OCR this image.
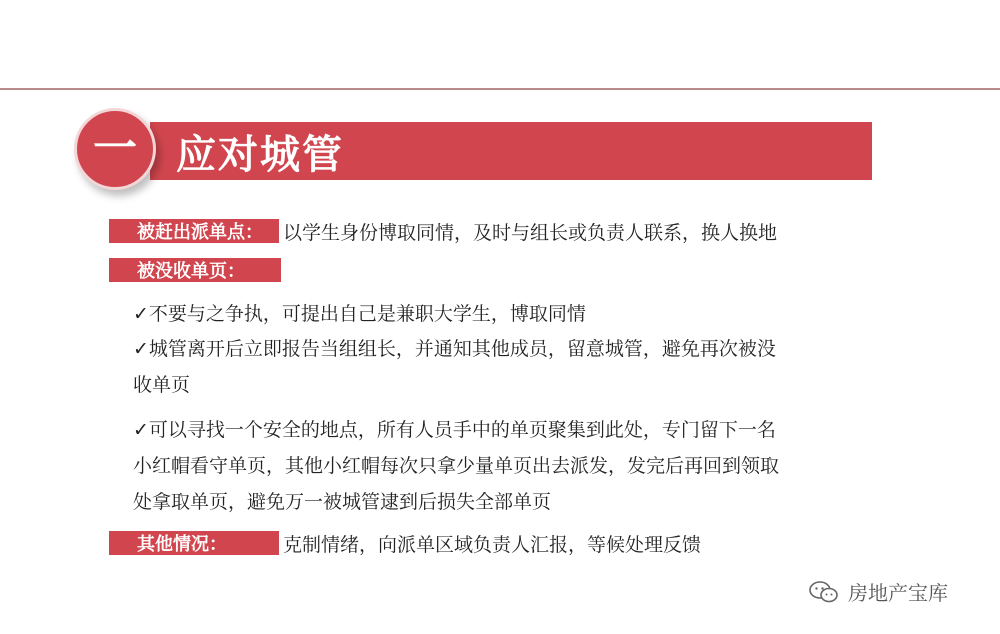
一 应对城管
被赶出派单点：	以学生身份博取同情，及时与组长或负责人联系，换人换地
被没收单页：
✓不要与之争执，可提出自己是兼职大学生，博取同情
✓城管离开后立即报告当组组长，并通知其他成员，留意城管，避免再次被没
收单页
✓可以寻找一个安全的地点，所有人员手中的单页聚集到此处，专门留下一名
小红帽看守单页，其他小红帽每次只拿少量单页出去派发，发完后再回到领取
处拿取单页，避免万一被城管逮到后损失全部单页
其他情况：	克制情绪，向派单区域负责人汇报，等候处理反馈
房地产宝库
